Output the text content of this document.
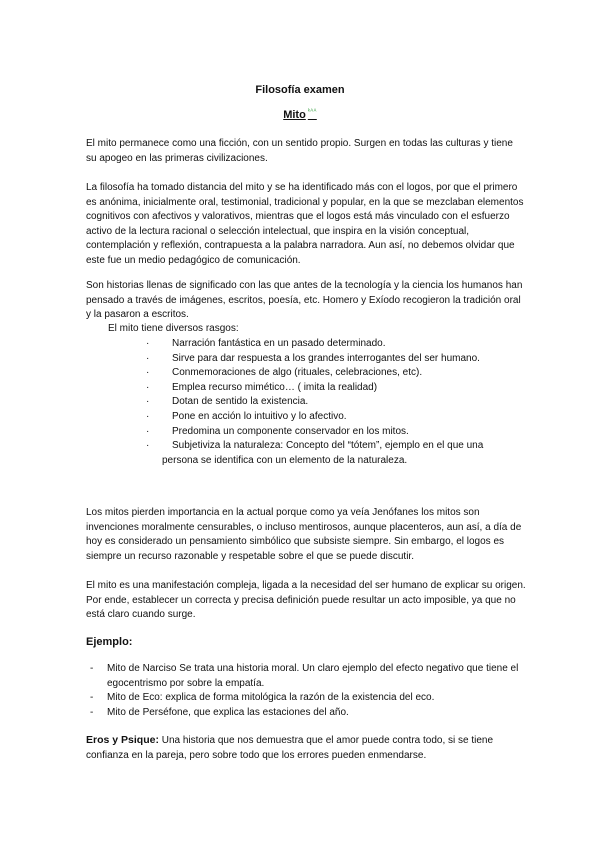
Filosofía examen
Mito $^{ᵏᴬᴬ}$

El mito permanece como una ficción, con un sentido propio. Surgen en todas las culturas y tiene su apogeo en las primeras civilizaciones.

La filosofía ha tomado distancia del mito y se ha identificado más con el logos, por que el primero es anónima, inicialmente oral, testimonial, tradicional y popular, en la que se mezclaban elementos cognitivos con afectivos y valorativos, mientras que el logos está más vinculado con el esfuerzo activo de la lectura racional o selección intelectual, que inspira en la visión conceptual, contemplación y reflexión, contrapuesta a la palabra narradora. Aun así, no debemos olvidar que este fue un medio pedagógico de comunicación.

Son historias llenas de significado con las que antes de la tecnología y la ciencia los humanos han pensado a través de imágenes, escritos, poesía, etc. Homero y Exíodo recogieron la tradición oral y la pasaron a escritos.

El mito tiene diversos rasgos:
· Narración fantástica en un pasado determinado.
· Sirve para dar respuesta a los grandes interrogantes del ser humano.
· Conmemoraciones de algo (rituales, celebraciones, etc).
· Emplea recurso mimético… ( imita la realidad)
· Dotan de sentido la existencia.
· Pone en acción lo intuitivo y lo afectivo.
· Predomina un componente conservador en los mitos.
· Subjetiviza la naturaleza: Concepto del “tótem”, ejemplo en el que una
persona se identifica con un elemento de la naturaleza.

Los mitos pierden importancia en la actual porque como ya veía Jenófanes los mitos son invenciones moralmente censurables, o incluso mentirosos, aunque placenteros, aun así, a día de hoy es considerado un pensamiento simbólico que subsiste siempre. Sin embargo, el logos es siempre un recurso razonable y respetable sobre el que se puede discutir.

El mito es una manifestación compleja, ligada a la necesidad del ser humano de explicar su origen. Por ende, establecer un correcta y precisa definición puede resultar un acto imposible, ya que no está claro cuando surge.

Ejemplo:
- Mito de Narciso Se trata una historia moral. Un claro ejemplo del efecto negativo que tiene el egocentrismo por sobre la empatía.
- Mito de Eco: explica de forma mitológica la razón de la existencia del eco.
- Mito de Perséfone, que explica las estaciones del año.

Eros y Psique: Una historia que nos demuestra que el amor puede contra todo, si se tiene confianza en la pareja, pero sobre todo que los errores pueden enmendarse.
